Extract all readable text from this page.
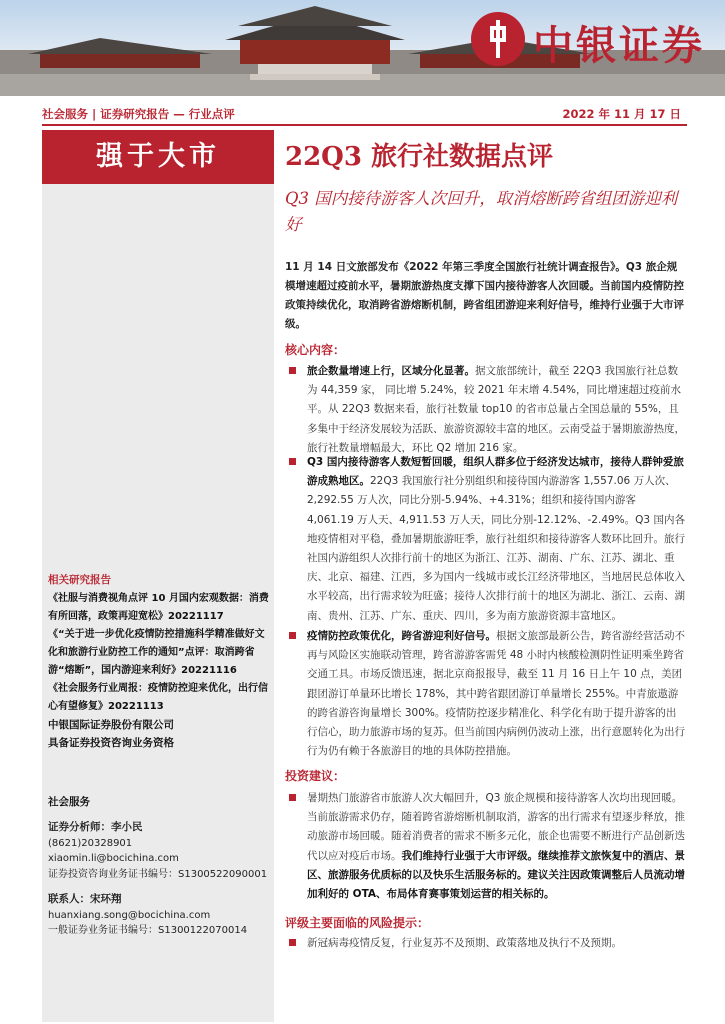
中银证券
社会服务 | 证券研究报告 — 行业点评	2022 年 11 月 17 日
强于大市	22Q3 旅行社数据点评
Q3 国内接待游客人次回升，取消熔断跨省组团游迎利好
11 月 14 日文旅部发布《2022 年第三季度全国旅行社统计调查报告》。Q3 旅企规模增速超过疫前水平，暑期旅游热度支撑下国内接待游客人次回暖。当前国内疫情防控政策持续优化，取消跨省游熔断机制，跨省组团游迎来利好信号，维持行业强于大市评级。
核心内容：
旅企数量增速上行，区域分化显著。据文旅部统计，截至 22Q3 我国旅行社总数为 44,359 家， 同比增 5.24%，较 2021 年末增 4.54%，同比增速超过疫前水平。从 22Q3 数据来看，旅行社数量 top10 的省市总量占全国总量的 55%，且多集中于经济发展较为活跃、旅游资源较丰富的地区。云南受益于暑期旅游热度，旅行社数量增幅最大，环比 Q2 增加 216 家。
Q3 国内接待游客人数短暂回暖，组织人群多位于经济发达城市，接待人群钟爱旅游成熟地区。22Q3 我国旅行社分别组织和接待国内游游客 1,557.06 万人次、2,292.55 万人次，同比分别-5.94%、+4.31%；组织和接待国内游客 4,061.19 万人天、4,911.53 万人天，同比分别-12.12%、-2.49%。Q3 国内各地疫情相对平稳，叠加暑期旅游旺季，旅行社组织和接待游客人数环比回升。旅行社国内游组织人次排行前十的地区为浙江、江苏、湖南、广东、江苏、湖北、重庆、北京、福建、江西，多为国内一线城市或长江经济带地区，当地居民总体收入水平较高，出行需求较为旺盛；接待人次排行前十的地区为湖北、浙江、云南、湖南、贵州、江苏、广东、重庆、四川，多为南方旅游资源丰富地区。
疫情防控政策优化，跨省游迎利好信号。根据文旅部最新公告，跨省游经营活动不再与风险区实施联动管理，跨省游游客需凭 48 小时内核酸检测阴性证明乘坐跨省交通工具。市场反馈迅速，据北京商报报导，截至 11 月 16 日上午 10 点，美团跟团游订单量环比增长 178%，其中跨省跟团游订单量增长 255%。中青旅遨游的跨省游咨询量增长 300%。疫情防控逐步精准化、科学化有助于提升游客的出行信心，助力旅游市场的复苏。但当前国内病例仍波动上涨，出行意愿转化为出行行为仍有赖于各旅游目的地的具体防控措施。
投资建议：
暑期热门旅游省市旅游人次大幅回升，Q3 旅企规模和接待游客人次均出现回暖。当前旅游需求仍存，随着跨省游熔断机制取消，游客的出行需求有望逐步释放，推动旅游市场回暖。随着消费者的需求不断多元化，旅企也需要不断进行产品创新迭代以应对疫后市场。我们维持行业强于大市评级。继续推荐文旅恢复中的酒店、景区、旅游服务优质标的以及快乐生活服务标的。建议关注因政策调整后人员流动增加利好的 OTA、布局体育赛事策划运营的相关标的。
评级主要面临的风险提示：
新冠病毒疫情反复，行业复苏不及预期、政策落地及执行不及预期。
相关研究报告
《社服与消费视角点评 10 月国内宏观数据：消费有所回落，政策再迎宽松》20221117
《“关于进一步优化疫情防控措施科学精准做好文化和旅游行业防控工作的通知”点评：取消跨省游“熔断”，国内游迎来利好》20221116
《社会服务行业周报：疫情防控迎来优化，出行信心有望修复》20221113
中银国际证券股份有限公司
具备证券投资咨询业务资格
社会服务
证券分析师：李小民
(8621)20328901
xiaomin.li@bocichina.com
证券投资咨询业务证书编号：S1300522090001
联系人：宋环翔
huanxiang.song@bocichina.com
一般证券业务证书编号：S1300122070014
